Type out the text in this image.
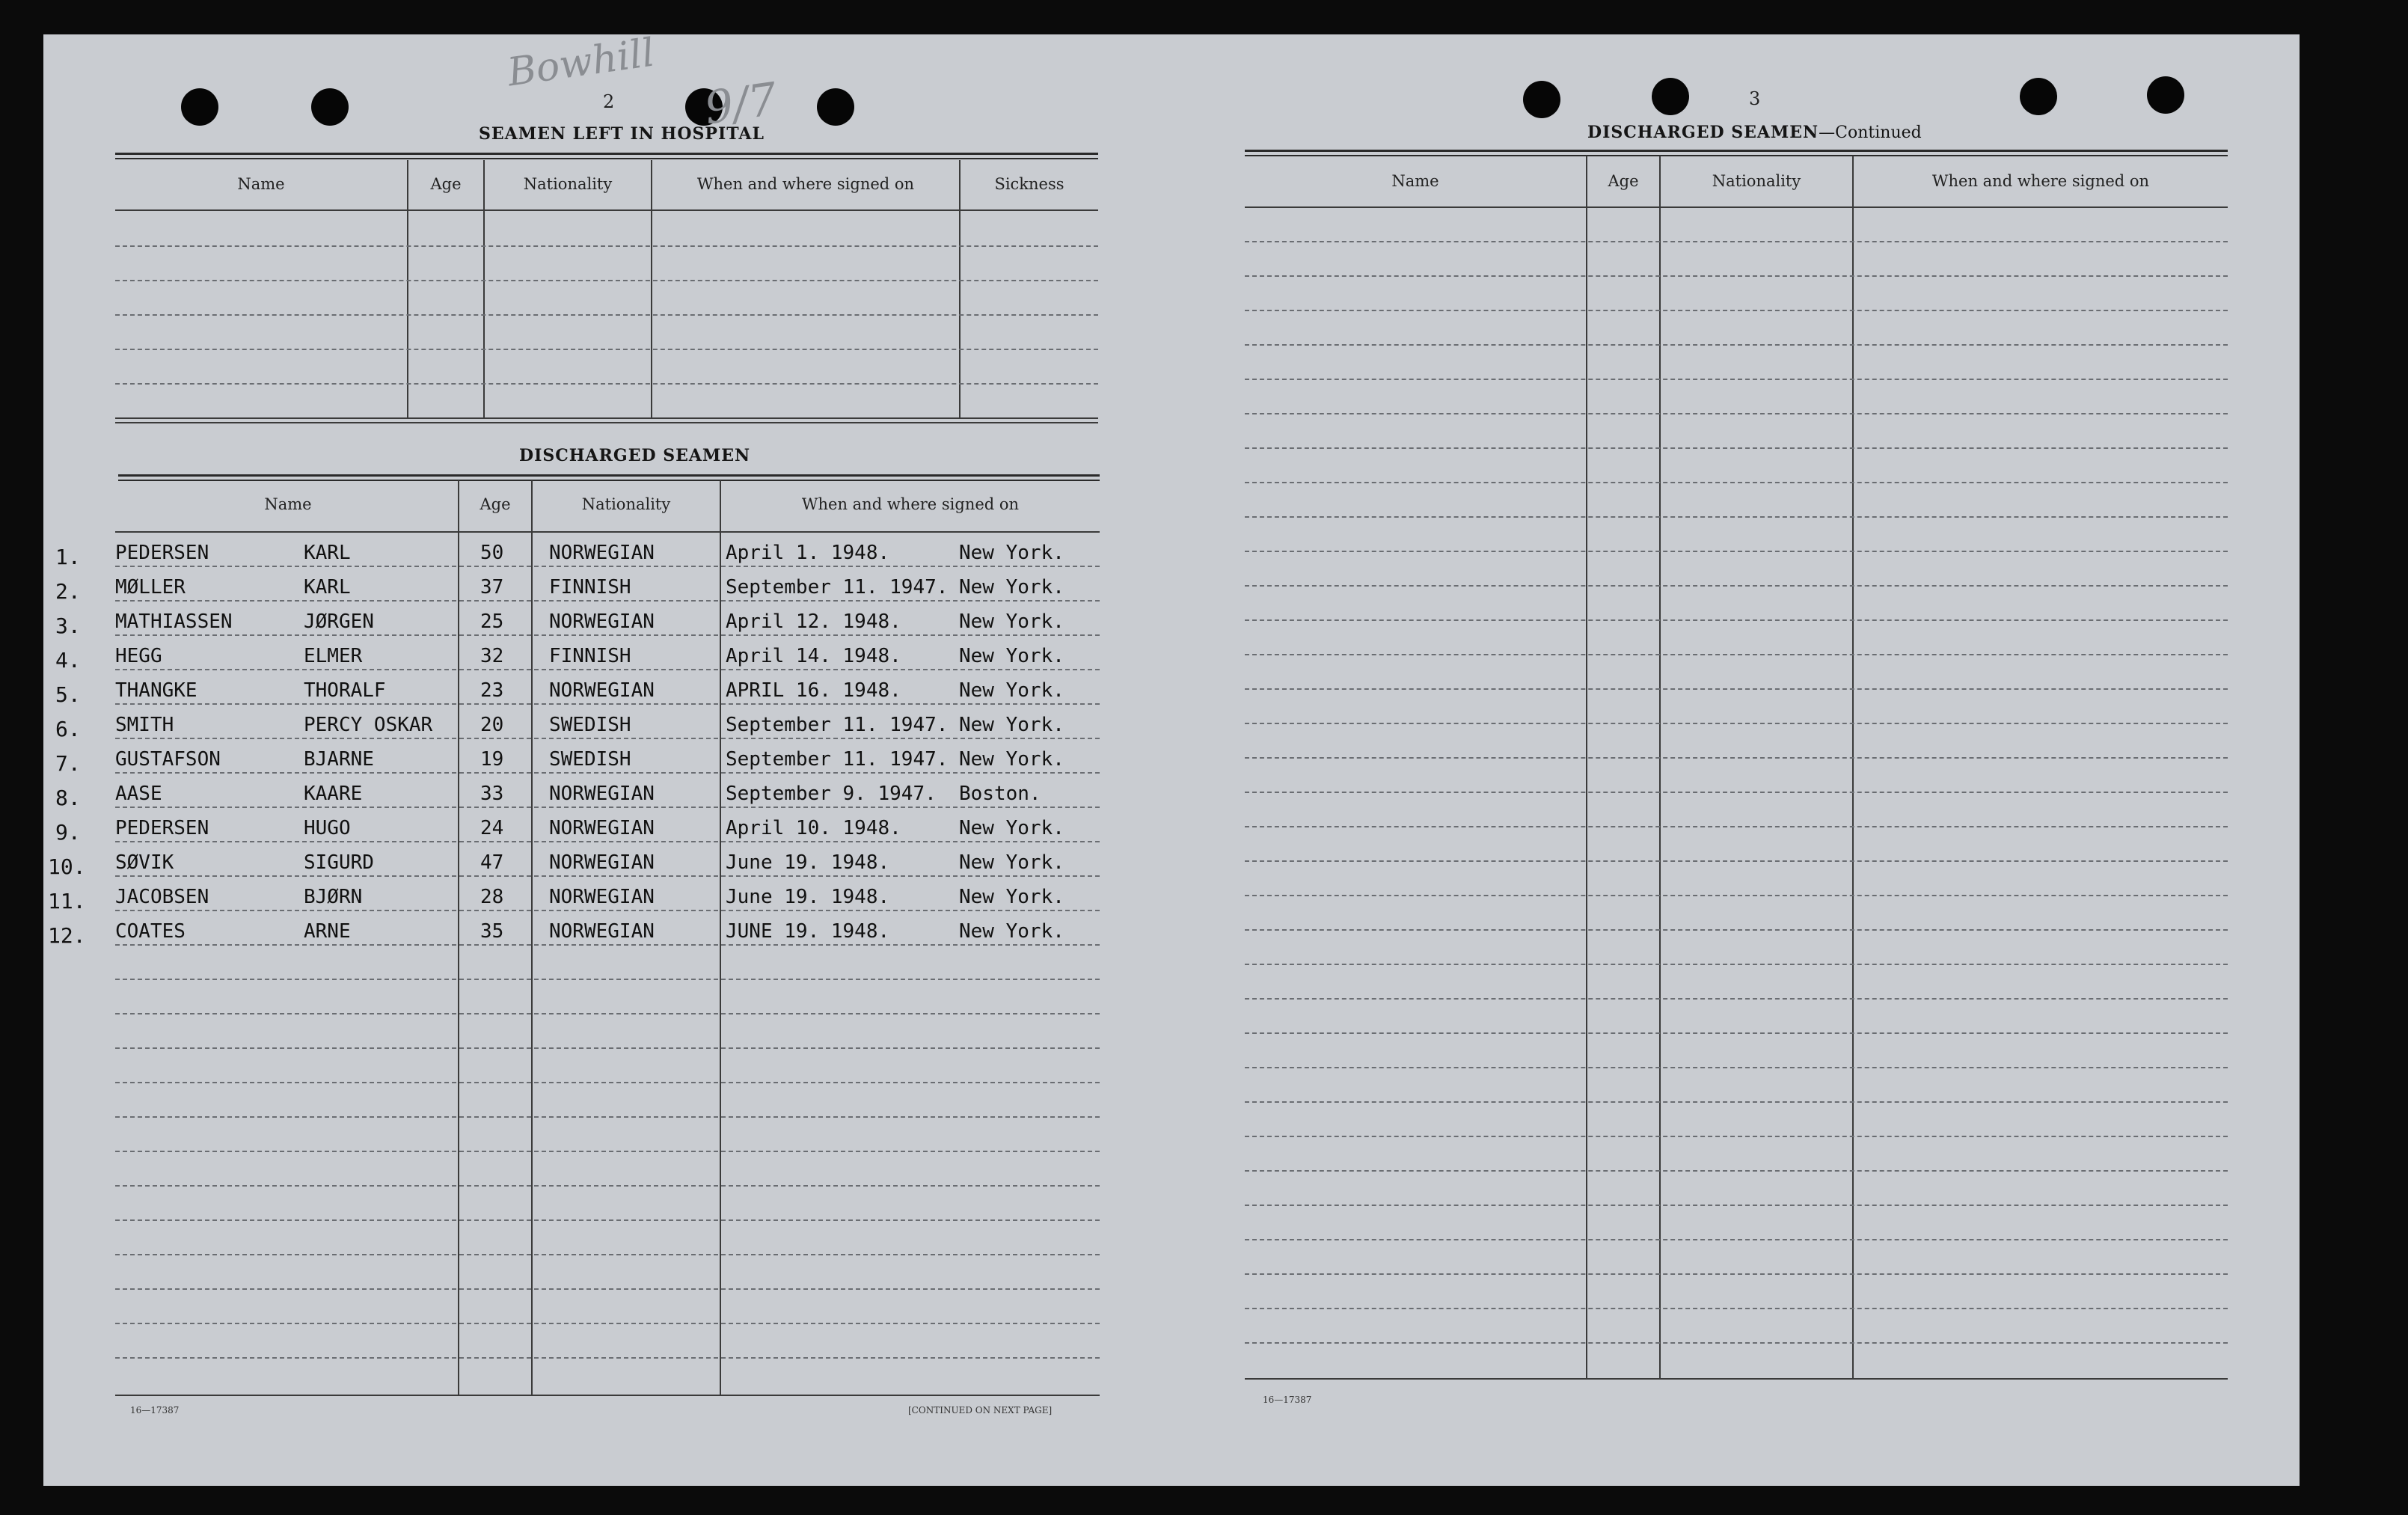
Bowhill
9/7
2
SEAMEN LEFT IN HOSPITAL
Name	Age	Nationality	When and where signed on	Sickness
DISCHARGED SEAMEN
Name	Age	Nationality	When and where signed on
1. PEDERSEN	KARL	50 NORWEGIAN	April 1. 1948.	New York.
2. MØLLER	KARL	37 FINNISH	September 11. 1947. New York.
3. MATHIASSEN	JØRGEN	25 NORWEGIAN	April 12. 1948.	New York.
4. HEGG	ELMER	32 FINNISH	April 14. 1948.	New York.
5. THANGKE	THORALF	23 NORWEGIAN	APRIL 16. 1948.	New York.
6. SMITH	PERCY OSKAR 20 SWEDISH	September 11. 1947. New York.
7. GUSTAFSON	BJARNE	19 SWEDISH	September 11. 1947. New York.
8. AASE	KAARE	33 NORWEGIAN	September 9. 1947. Boston.
9. PEDERSEN	HUGO	24 NORWEGIAN	April 10. 1948.	New York.
10. SØVIK	SIGURD	47 NORWEGIAN	June 19. 1948.	New York.
11. JACOBSEN	BJØRN	28 NORWEGIAN	June 19. 1948.	New York.
12. COATES	ARNE	35 NORWEGIAN	JUNE 19. 1948.	New York.
16—17387	[CONTINUED ON NEXT PAGE]
3
DISCHARGED SEAMEN—Continued
Name	Age	Nationality	When and where signed on
16—17387
